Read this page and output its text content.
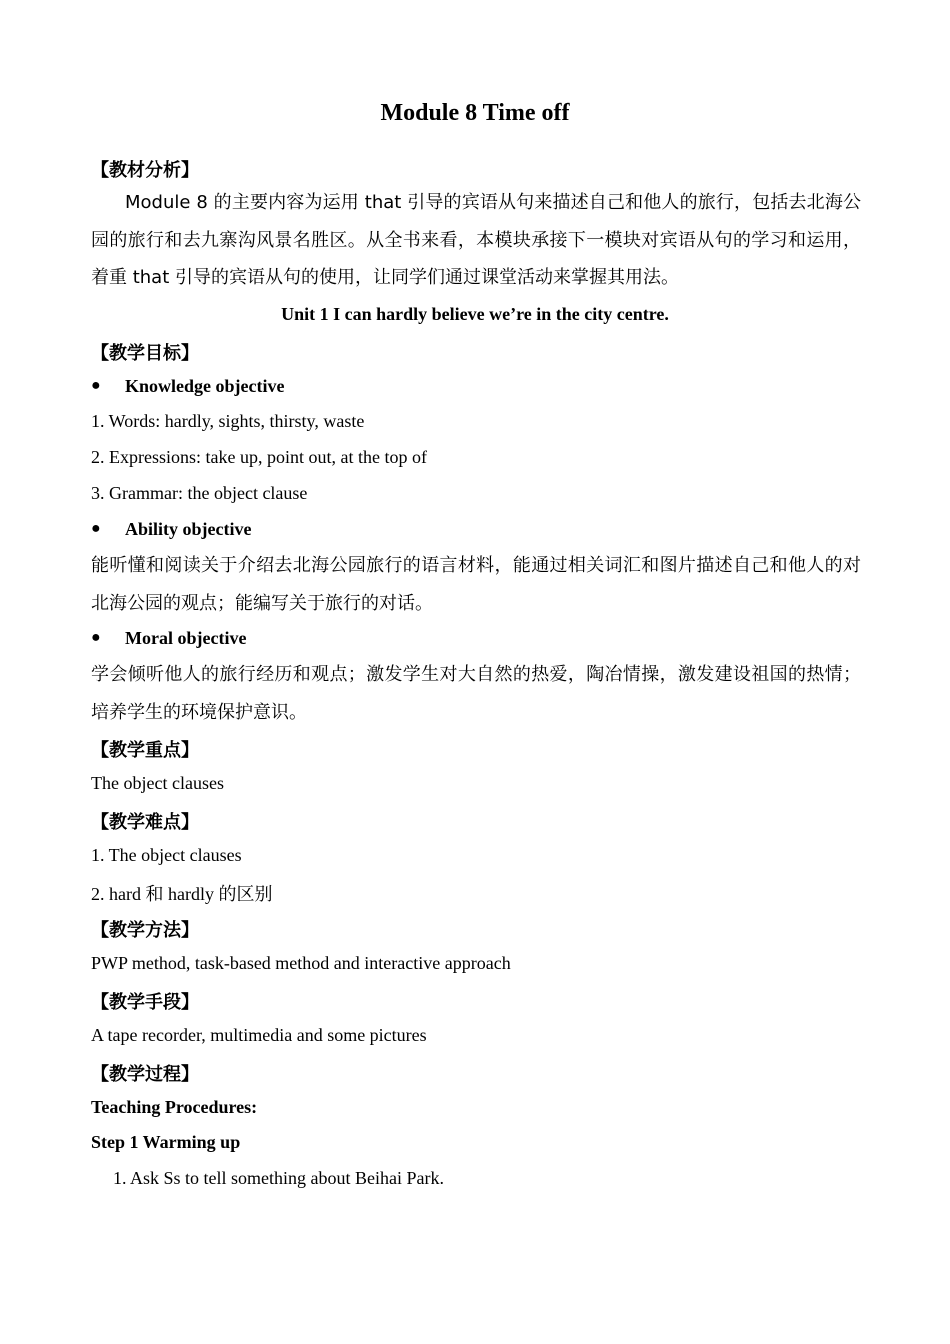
Module 8 Time off
【教材分析】
Module 8 的主要内容为运用 that 引导的宾语从句来描述自己和他人的旅行，包括去北海公园的旅行和去九寨沟风景名胜区。从全书来看，本模块承接下一模块对宾语从句的学习和运用，着重 that 引导的宾语从句的使用，让同学们通过课堂活动来掌握其用法。
Unit 1 I can hardly believe we’re in the city centre.
【教学目标】
● Knowledge objective
1. Words: hardly, sights, thirsty, waste
2. Expressions: take up, point out, at the top of
3. Grammar: the object clause
● Ability objective
能听懂和阅读关于介绍去北海公园旅行的语言材料，能通过相关词汇和图片描述自己和他人的对北海公园的观点；能编写关于旅行的对话。
● Moral objective
学会倾听他人的旅行经历和观点；激发学生对大自然的热爱，陶冶情操，激发建设祖国的热情；培养学生的环境保护意识。
【教学重点】
The object clauses
【教学难点】
1. The object clauses
2. hard 和 hardly 的区别
【教学方法】
PWP method, task-based method and interactive approach
【教学手段】
A tape recorder, multimedia and some pictures
【教学过程】
Teaching Procedures:
Step 1 Warming up
1. Ask Ss to tell something about Beihai Park.
